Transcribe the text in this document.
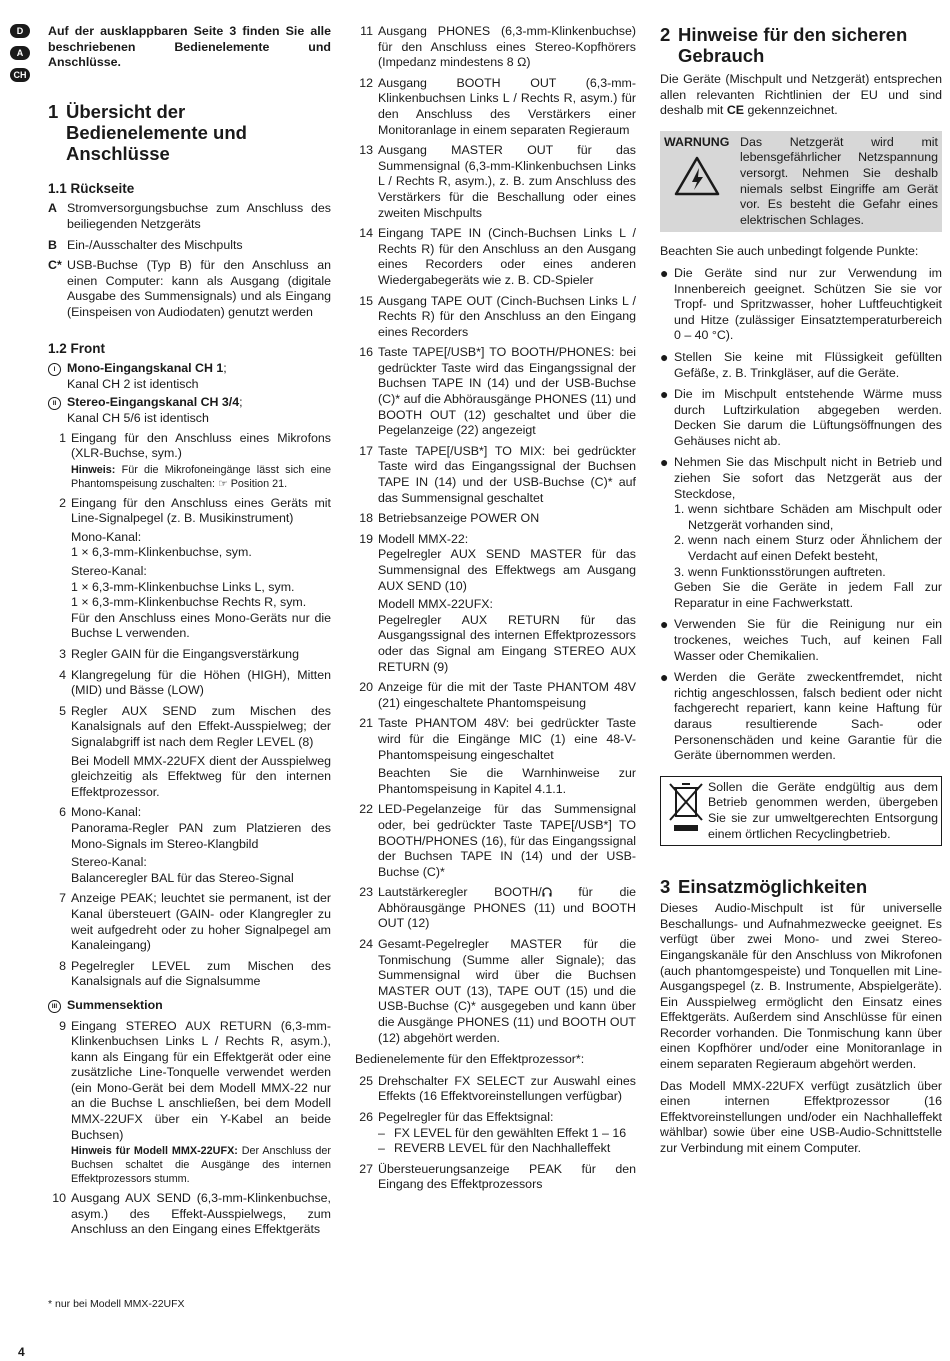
D
A
CH

Auf der ausklappbaren Seite 3 finden Sie alle beschriebenen Bedienelemente und Anschlüsse.

1 Übersicht der Bedienelemente und Anschlüsse
1.1 Rückseite
A Stromversorgungsbuchse zum Anschluss des beiliegenden Netzgeräts
B Ein-/Ausschalter des Mischpults
C* USB-Buchse (Typ B) für den Anschluss an einen Computer: kann als Ausgang (digitale Ausgabe des Summensignals) und als Eingang (Einspeisen von Audiodaten) genutzt werden
1.2 Front
I Mono-Eingangskanal CH 1;
Kanal CH 2 ist identisch
II Stereo-Eingangskanal CH 3/4;
Kanal CH 5/6 ist identisch
1 Eingang für den Anschluss eines Mikrofons (XLR-Buchse, sym.)
Hinweis: Für die Mikrofoneingänge lässt sich eine Phantomspeisung zuschalten: ☞ Position 21.
2 Eingang für den Anschluss eines Geräts mit Line-Signalpegel (z. B. Musikinstrument)
Mono-Kanal:
1 × 6,3-mm-Klinkenbuchse, sym.
Stereo-Kanal:
1 × 6,3-mm-Klinkenbuchse Links L, sym.
1 × 6,3-mm-Klinkenbuchse Rechts R, sym.
Für den Anschluss eines Mono-Geräts nur die Buchse L verwenden.
3 Regler GAIN für die Eingangsverstärkung
4 Klangregelung für die Höhen (HIGH), Mitten (MID) und Bässe (LOW)
5 Regler AUX SEND zum Mischen des Kanalsignals auf den Effekt-Ausspielweg; der Signalabgriff ist nach dem Regler LEVEL (8)
Bei Modell MMX-22UFX dient der Ausspielweg gleichzeitig als Effektweg für den internen Effektprozessor.
6 Mono-Kanal:
Panorama-Regler PAN zum Platzieren des Mono-Signals im Stereo-Klangbild
Stereo-Kanal:
Balanceregler BAL für das Stereo-Signal
7 Anzeige PEAK; leuchtet sie permanent, ist der Kanal übersteuert (GAIN- oder Klangregler zu weit aufgedreht oder zu hoher Signalpegel am Kanaleingang)
8 Pegelregler LEVEL zum Mischen des Kanalsignals auf die Signalsumme
III Summensektion
9 Eingang STEREO AUX RETURN (6,3-mm-Klinkenbuchsen Links L / Rechts R, asym.), kann als Eingang für ein Effektgerät oder eine zusätzliche Line-Tonquelle verwendet werden (ein Mono-Gerät bei dem Modell MMX-22 nur an die Buchse L anschließen, bei dem Modell MMX-22UFX über ein Y-Kabel an beide Buchsen)
Hinweis für Modell MMX-22UFX: Der Anschluss der Buchsen schaltet die Ausgänge des internen Effektprozessors stumm.
10 Ausgang AUX SEND (6,3-mm-Klinkenbuchse, asym.) des Effekt-Ausspielwegs, zum Anschluss an den Eingang eines Effektgeräts
11 Ausgang PHONES (6,3-mm-Klinkenbuchse) für den Anschluss eines Stereo-Kopfhörers (Impedanz mindestens 8 Ω)
12 Ausgang BOOTH OUT (6,3-mm-Klinkenbuchsen Links L / Rechts R, asym.) für den Anschluss des Verstärkers einer Monitoranlage in einem separaten Regieraum
13 Ausgang MASTER OUT für das Summensignal (6,3-mm-Klinkenbuchsen Links L / Rechts R, asym.), z. B. zum Anschluss des Verstärkers für die Beschallung oder eines zweiten Mischpults
14 Eingang TAPE IN (Cinch-Buchsen Links L / Rechts R) für den Anschluss an den Ausgang eines Recorders oder eines anderen Wiedergabegeräts wie z. B. CD-Spieler
15 Ausgang TAPE OUT (Cinch-Buchsen Links L / Rechts R) für den Anschluss an den Eingang eines Recorders
16 Taste TAPE[/USB*] TO BOOTH/PHONES: bei gedrückter Taste wird das Eingangssignal der Buchsen TAPE IN (14) und der USB-Buchse (C)* auf die Abhörausgänge PHONES (11) und BOOTH OUT (12) geschaltet und über die Pegelanzeige (22) angezeigt
17 Taste TAPE[/USB*] TO MIX: bei gedrückter Taste wird das Eingangssignal der Buchsen TAPE IN (14) und der USB-Buchse (C)* auf das Summensignal geschaltet
18 Betriebsanzeige POWER ON
19 Modell MMX-22:
Pegelregler AUX SEND MASTER für das Summensignal des Effektwegs am Ausgang AUX SEND (10)
Modell MMX-22UFX:
Pegelregler AUX RETURN für das Ausgangssignal des internen Effektprozessors oder das Signal am Eingang STEREO AUX RETURN (9)
20 Anzeige für die mit der Taste PHANTOM 48V (21) eingeschaltete Phantomspeisung
21 Taste PHANTOM 48V: bei gedrückter Taste wird für die Eingänge MIC (1) eine 48-V-Phantomspeisung eingeschaltet
Beachten Sie die Warnhinweise zur Phantomspeisung in Kapitel 4.1.1.
22 LED-Pegelanzeige für das Summensignal oder, bei gedrückter Taste TAPE[/USB*] TO BOOTH/PHONES (16), für das Eingangssignal der Buchsen TAPE IN (14) und der USB-Buchse (C)*
23 Lautstärkeregler BOOTH/ für die Abhörausgänge PHONES (11) und BOOTH OUT (12)
24 Gesamt-Pegelregler MASTER für die Tonmischung (Summe aller Signale); das Summensignal wird über die Buchsen MASTER OUT (13), TAPE OUT (15) und die USB-Buchse (C)* ausgegeben und kann über die Ausgänge PHONES (11) und BOOTH OUT (12) abgehört werden.

Bedienelemente für den Effektprozessor*:

25 Drehschalter FX SELECT zur Auswahl eines Effekts (16 Effektvoreinstellungen verfügbar)
26 Pegelregler für das Effektsignal:
– FX LEVEL für den gewählten Effekt 1 – 16
– REVERB LEVEL für den Nachhalleffekt
27 Übersteuerungsanzeige PEAK für den Eingang des Effektprozessors
2 Hinweise für den sicheren Gebrauch

Die Geräte (Mischpult und Netzgerät) entsprechen allen relevanten Richtlinien der EU und sind deshalb mit CE gekennzeichnet.

WARNUNG Das Netzgerät wird mit lebensgefährlicher Netzspannung versorgt. Nehmen Sie deshalb niemals selbst Eingriffe am Gerät vor. Es besteht die Gefahr eines elektrischen Schlages.

Beachten Sie auch unbedingt folgende Punkte:

● Die Geräte sind nur zur Verwendung im Innenbereich geeignet. Schützen Sie sie vor Tropf- und Spritzwasser, hoher Luftfeuchtigkeit und Hitze (zulässiger Einsatztemperaturbereich 0 – 40 °C).
● Stellen Sie keine mit Flüssigkeit gefüllten Gefäße, z. B. Trinkgläser, auf die Geräte.
● Die im Mischpult entstehende Wärme muss durch Luftzirkulation abgegeben werden. Decken Sie darum die Lüftungsöffnungen des Gehäuses nicht ab.
● Nehmen Sie das Mischpult nicht in Betrieb und ziehen Sie sofort das Netzgerät aus der Steckdose,
1. wenn sichtbare Schäden am Mischpult oder Netzgerät vorhanden sind,
2. wenn nach einem Sturz oder Ähnlichem der Verdacht auf einen Defekt besteht,
3. wenn Funktionsstörungen auftreten.
Geben Sie die Geräte in jedem Fall zur Reparatur in eine Fachwerkstatt.
● Verwenden Sie für die Reinigung nur ein trockenes, weiches Tuch, auf keinen Fall Wasser oder Chemikalien.
● Werden die Geräte zweckentfremdet, nicht richtig angeschlossen, falsch bedient oder nicht fachgerecht repariert, kann keine Haftung für daraus resultierende Sach- oder Personenschäden und keine Garantie für die Geräte übernommen werden.
Sollen die Geräte endgültig aus dem Betrieb genommen werden, übergeben Sie sie zur umweltgerechten Entsorgung einem örtlichen Recyclingbetrieb.
3 Einsatzmöglichkeiten

Dieses Audio-Mischpult ist für universelle Beschallungs- und Aufnahmezwecke geeignet. Es verfügt über zwei Mono- und zwei Stereo-Eingangskanäle für den Anschluss von Mikrofonen (auch phantomgespeiste) und Tonquellen mit Line-Ausgangspegel (z. B. Instrumente, Abspielgeräte). Ein Ausspielweg ermöglicht den Einsatz eines Effektgeräts. Außerdem sind Anschlüsse für einen Recorder vorhanden. Die Tonmischung kann über einen Kopfhörer und/oder eine Monitoranlage in einem separaten Regieraum abgehört werden.

Das Modell MMX-22UFX verfügt zusätzlich über einen internen Effektprozessor (16 Effektvoreinstellungen und/oder ein Nachhalleffekt wählbar) sowie über eine USB-Audio-Schnittstelle zur Verbindung mit einem Computer.

* nur bei Modell MMX-22UFX
4
